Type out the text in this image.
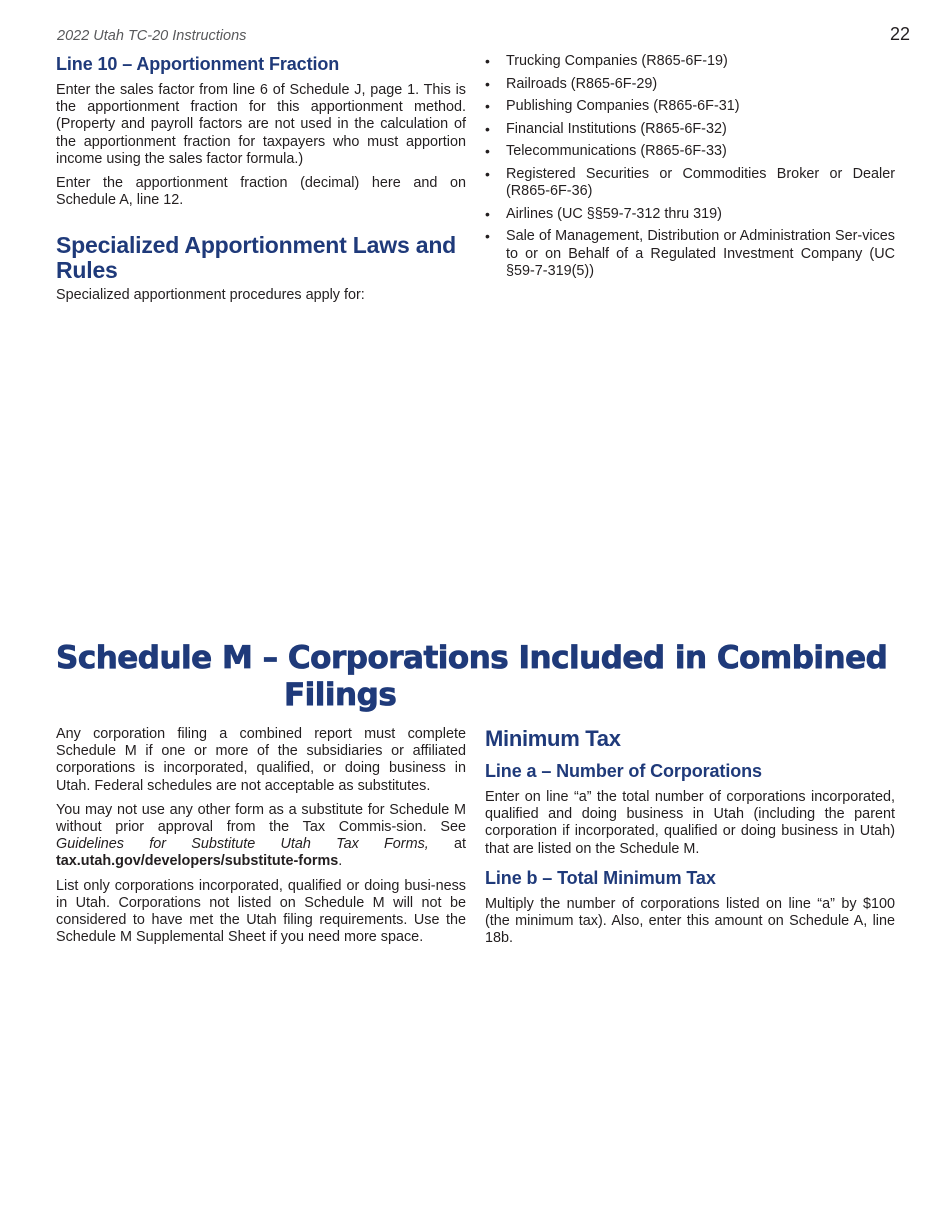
2022 Utah TC-20 Instructions	22
Line 10 – Apportionment Fraction

Enter the sales factor from line 6 of Schedule J, page 1. This is the apportionment fraction for this apportionment method. (Property and payroll factors are not used in the calculation of the apportionment fraction for taxpayers who must apportion income using the sales factor formula.)

Enter the apportionment fraction (decimal) here and on Schedule A, line 12.

Specialized Apportionment Laws and Rules

Specialized apportionment procedures apply for:

• Trucking Companies (R865-6F-19)
• Railroads (R865-6F-29)
• Publishing Companies (R865-6F-31)
• Financial Institutions (R865-6F-32)
• Telecommunications (R865-6F-33)
• Registered Securities or Commodities Broker or Dealer (R865-6F-36)
• Airlines (UC §§59-7-312 thru 319)
• Sale of Management, Distribution or Administration Ser-vices to or on Behalf of a Regulated Investment Company (UC §59-7-319(5))
Schedule M – Corporations Included in Combined
Filings

Any corporation filing a combined report must complete Schedule M if one or more of the subsidiaries or affiliated corporations is incorporated, qualified, or doing business in Utah. Federal schedules are not acceptable as substitutes.

You may not use any other form as a substitute for Schedule M without prior approval from the Tax Commis-sion. See Guidelines for Substitute Utah Tax Forms, at tax.utah.gov/developers/substitute-forms.

List only corporations incorporated, qualified or doing busi-ness in Utah. Corporations not listed on Schedule M will not be considered to have met the Utah filing requirements. Use the Schedule M Supplemental Sheet if you need more space.

Minimum Tax
Line a – Number of Corporations

Enter on line “a” the total number of corporations incorporated, qualified and doing business in Utah (including the parent corporation if incorporated, qualified or doing business in Utah) that are listed on the Schedule M.

Line b – Total Minimum Tax

Multiply the number of corporations listed on line “a” by $100 (the minimum tax). Also, enter this amount on Schedule A, line 18b.
